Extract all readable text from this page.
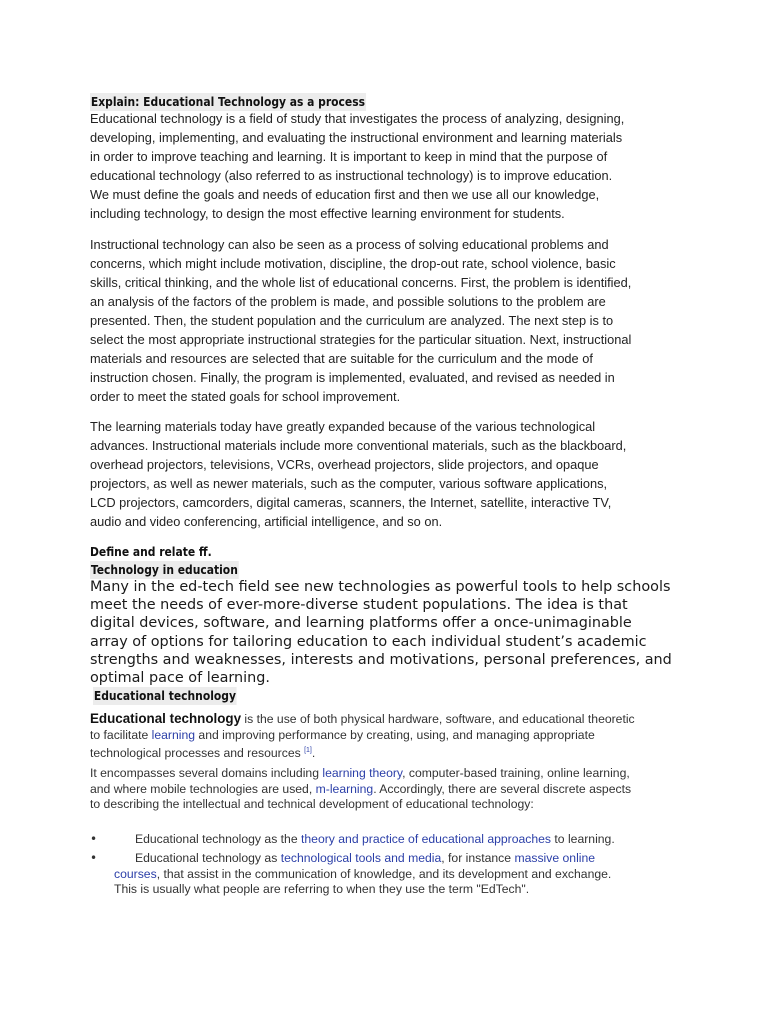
Explain: Educational Technology as a process

Educational technology is a field of study that investigates the process of analyzing, designing,
developing, implementing, and evaluating the instructional environment and learning materials
in order to improve teaching and learning. It is important to keep in mind that the purpose of
educational technology (also referred to as instructional technology) is to improve education.
We must define the goals and needs of education first and then we use all our knowledge,
including technology, to design the most effective learning environment for students.

Instructional technology can also be seen as a process of solving educational problems and
concerns, which might include motivation, discipline, the drop-out rate, school violence, basic
skills, critical thinking, and the whole list of educational concerns. First, the problem is identified,
an analysis of the factors of the problem is made, and possible solutions to the problem are
presented. Then, the student population and the curriculum are analyzed. The next step is to
select the most appropriate instructional strategies for the particular situation. Next, instructional
materials and resources are selected that are suitable for the curriculum and the mode of
instruction chosen. Finally, the program is implemented, evaluated, and revised as needed in
order to meet the stated goals for school improvement.

The learning materials today have greatly expanded because of the various technological
advances. Instructional materials include more conventional materials, such as the blackboard,
overhead projectors, televisions, VCRs, overhead projectors, slide projectors, and opaque
projectors, as well as newer materials, such as the computer, various software applications,
LCD projectors, camcorders, digital cameras, scanners, the Internet, satellite, interactive TV,
audio and video conferencing, artificial intelligence, and so on.

Define and relate ff.
Technology in education

Many in the ed-tech field see new technologies as powerful tools to help schools
meet the needs of ever-more-diverse student populations. The idea is that
digital devices, software, and learning platforms offer a once-unimaginable
array of options for tailoring education to each individual student’s academic
strengths and weaknesses, interests and motivations, personal preferences, and
optimal pace of learning.

Educational technology

Educational technology is the use of both physical hardware, software, and educational theoretic
to facilitate learning and improving performance by creating, using, and managing appropriate
technological processes and resources [1].

It encompasses several domains including learning theory, computer-based training, online learning,
and where mobile technologies are used, m-learning. Accordingly, there are several discrete aspects
to describing the intellectual and technical development of educational technology:

•	Educational technology as the theory and practice of educational approaches to learning.
•	Educational technology as technological tools and media, for instance massive online
courses, that assist in the communication of knowledge, and its development and exchange.
This is usually what people are referring to when they use the term "EdTech".
